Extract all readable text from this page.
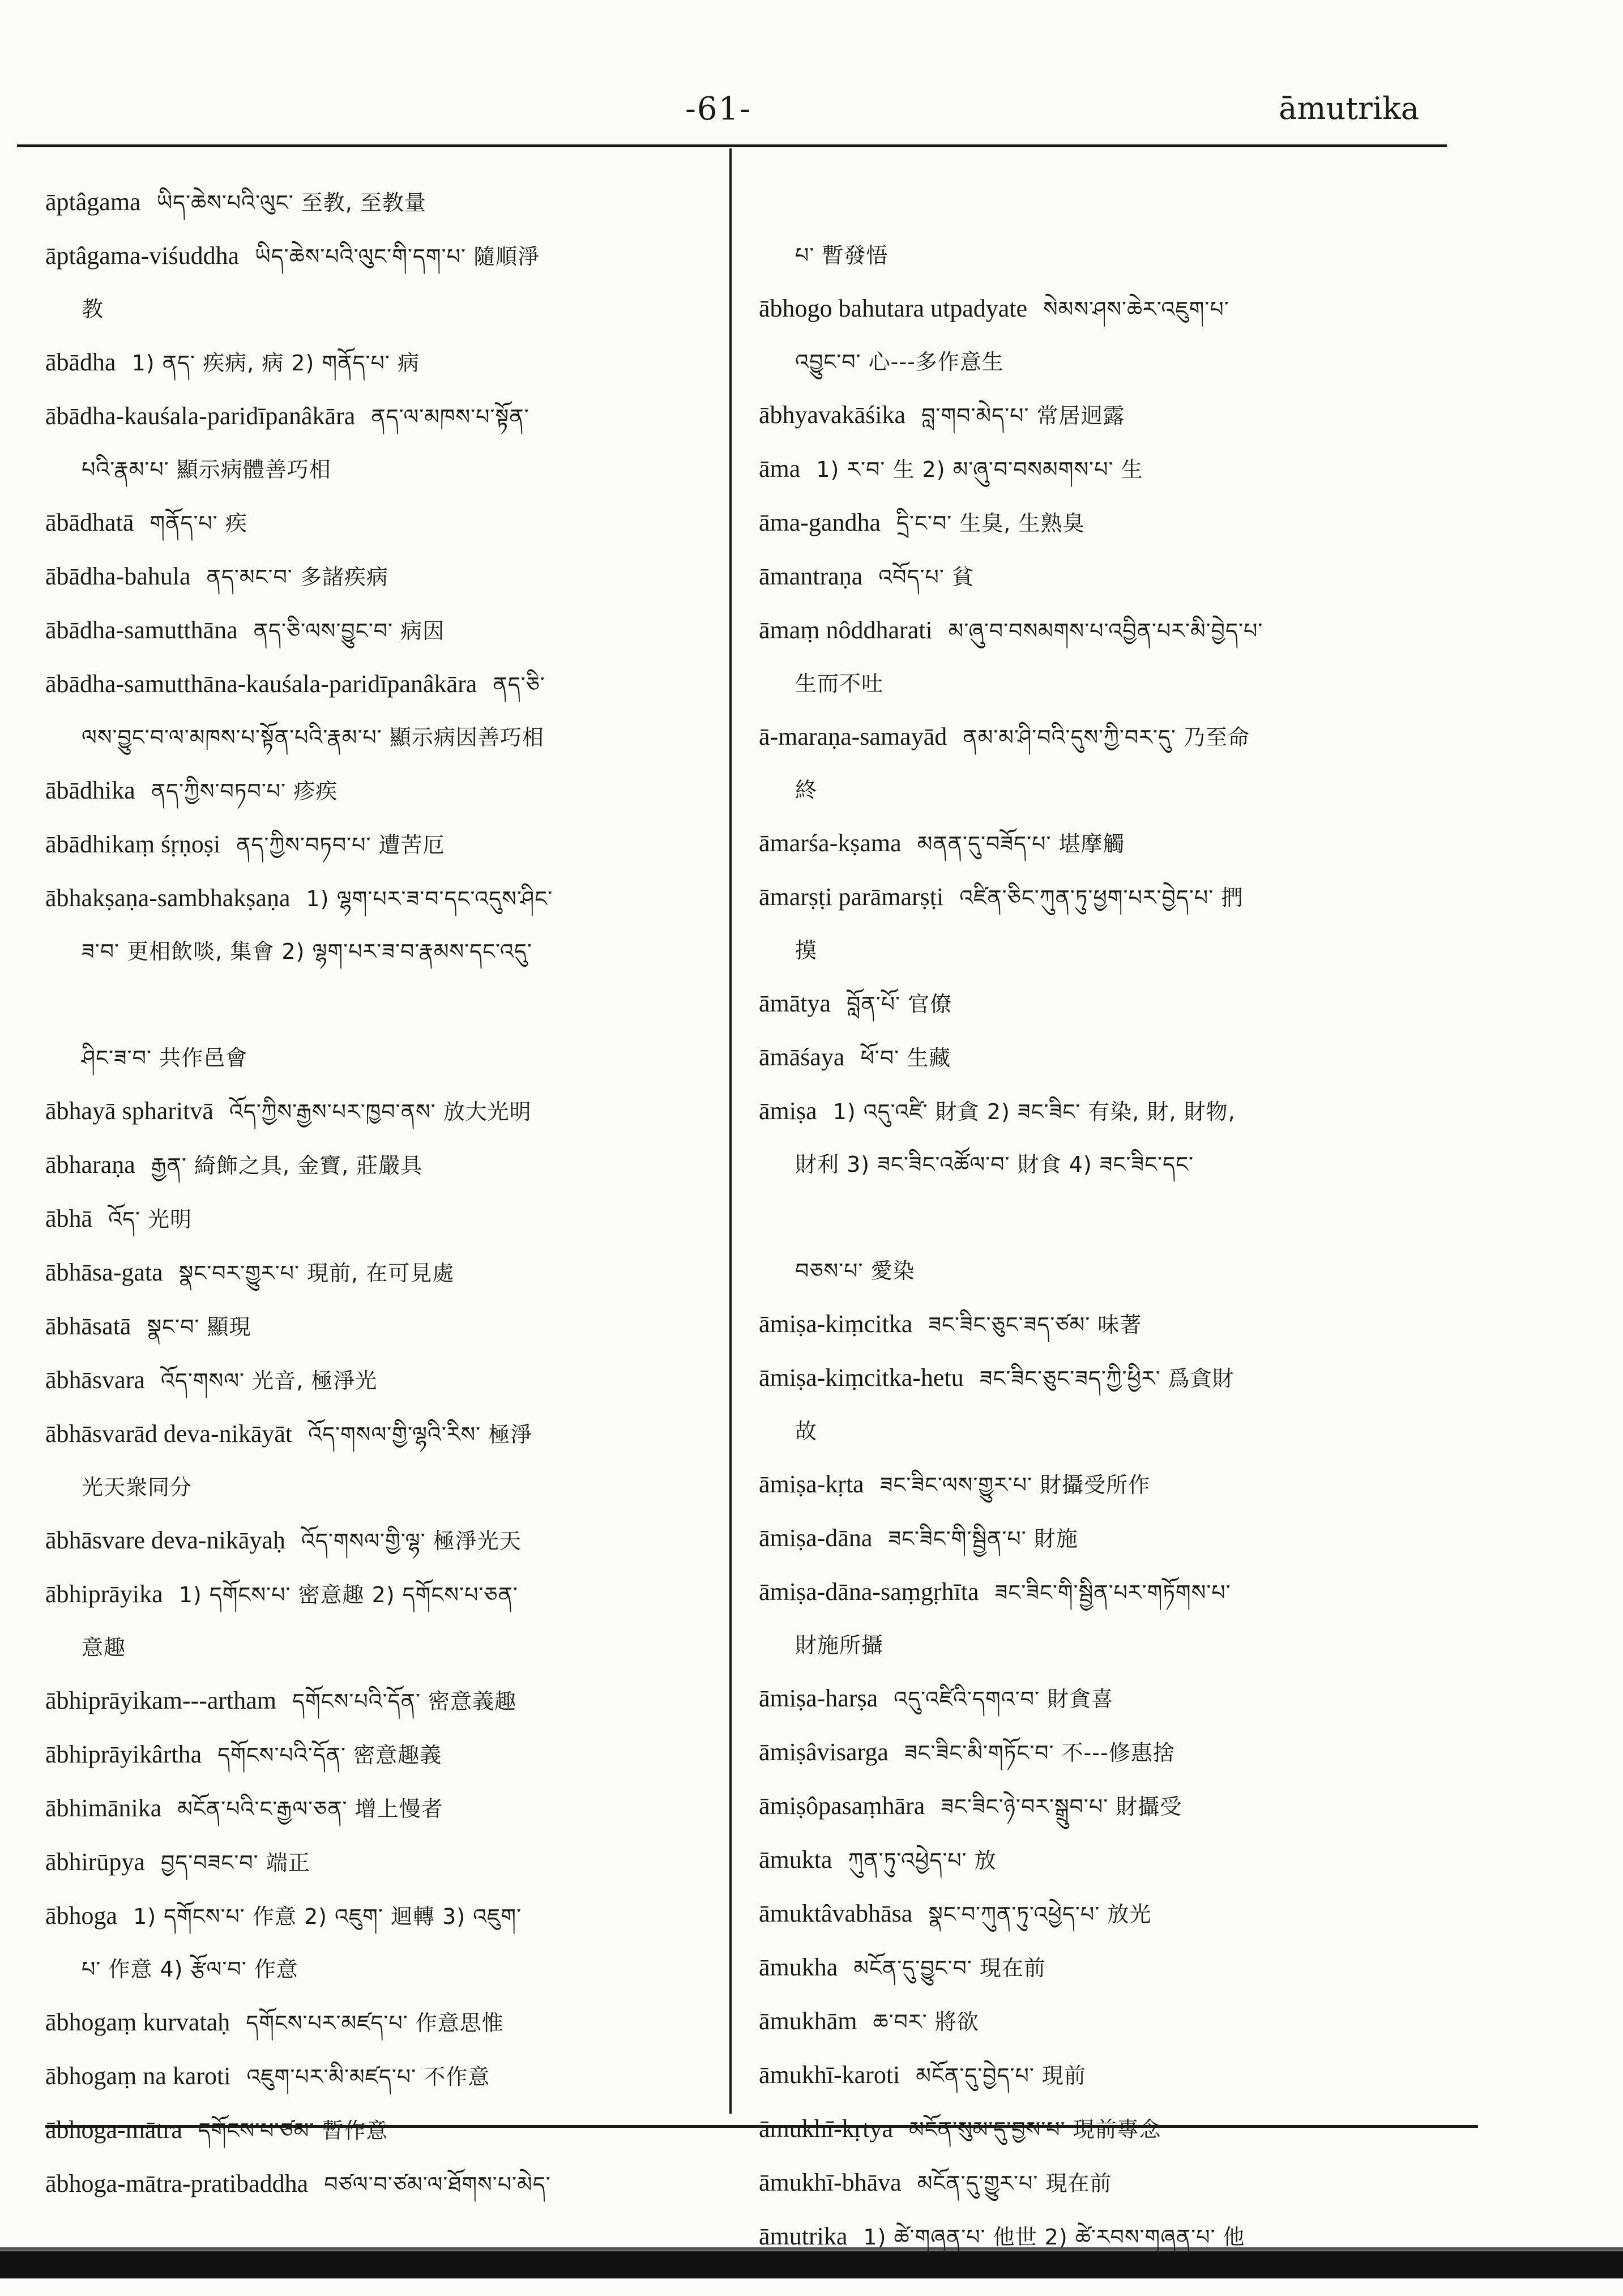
-61-	āmutrika
āptâgama ཡིད་ཆེས་པའི་ལུང་ 至教, 至教量
āptâgama-viśuddha ཡིད་ཆེས་པའི་ལུང་གི་དག་པ་ 隨順淨
教
ābādha 1) ནད་ 疾病, 病 2) གནོད་པ་ 病
ābādha-kauśala-paridīpanâkāra ནད་ལ་མཁས་པ་སྟོན་
པའི་རྣམ་པ་ 顯示病體善巧相
ābādhatā གནོད་པ་ 疾
ābādha-bahula ནད་མང་བ་ 多諸疾病
ābādha-samutthāna ནད་ཅི་ལས་བྱུང་བ་ 病因
ābādha-samutthāna-kauśala-paridīpanâkāra ནད་ཅི་
ལས་བྱུང་བ་ལ་མཁས་པ་སྟོན་པའི་རྣམ་པ་ 顯示病因善巧相
ābādhika ནད་ཀྱིས་བཏབ་པ་ 疹疾
ābādhikaṃ śṛṇoṣi ནད་ཀྱིས་བཏབ་པ་ 遭苦厄
ābhakṣaṇa-sambhakṣaṇa 1) ལྷག་པར་ཟ་བ་དང་འདུས་ཤིང་
ཟ་བ་ 更相飲啖, 集會 2) ལྷག་པར་ཟ་བ་རྣམས་དང་འདུ་
ཤིང་ཟ་བ་ 共作邑會
ābhayā spharitvā འོད་ཀྱིས་རྒྱས་པར་ཁྱབ་ནས་ 放大光明
ābharaṇa རྒྱན་ 綺飾之具, 金寶, 莊嚴具
ābhā འོད་ 光明
ābhāsa-gata སྣང་བར་གྱུར་པ་ 現前, 在可見處
ābhāsatā སྣང་བ་ 顯現
ābhāsvara འོད་གསལ་ 光音, 極淨光
ābhāsvarād deva-nikāyāt འོད་གསལ་གྱི་ལྷའི་རིས་ 極淨
光天衆同分
ābhāsvare deva-nikāyaḥ འོད་གསལ་གྱི་ལྷ་ 極淨光天
ābhiprāyika 1) དགོངས་པ་ 密意趣 2) དགོངས་པ་ཅན་
意趣
ābhiprāyikam---artham དགོངས་པའི་དོན་ 密意義趣
ābhiprāyikârtha དགོངས་པའི་དོན་ 密意趣義
ābhimānika མངོན་པའི་ང་རྒྱལ་ཅན་ 增上慢者
ābhirūpya བྱད་བཟང་བ་ 端正
ābhoga 1) དགོངས་པ་ 作意 2) འཇུག་ 迴轉 3) འཇུག་
པ་ 作意 4) རྩོལ་བ་ 作意
ābhogaṃ kurvataḥ དགོངས་པར་མཛད་པ་ 作意思惟
ābhogaṃ na karoti འཇུག་པར་མི་མཛད་པ་ 不作意
ābhoga-mātra དགོངས་པ་ཙམ་ 暫作意
ābhoga-mātra-pratibaddha བཙལ་བ་ཙམ་ལ་ཐོགས་པ་མེད་
པ་ 暫發悟
ābhogo bahutara utpadyate སེམས་ཤས་ཆེར་འཇུག་པ་
འབྱུང་བ་ 心---多作意生
ābhyavakāśika བླ་གབ་མེད་པ་ 常居迥露
āma 1) ར་བ་ 生 2) མ་ཞུ་བ་བསམགས་པ་ 生
āma-gandha དྲི་ང་བ་ 生臭, 生熟臭
āmantraṇa འབོད་པ་ 貧
āmaṃ nôddharati མ་ཞུ་བ་བསམགས་པ་འབྱིན་པར་མི་བྱེད་པ་
生而不吐
ā-maraṇa-samayād ནམ་མ་ཤི་བའི་དུས་ཀྱི་བར་དུ་ 乃至命
終
āmarśa-kṣama མནན་དུ་བཟོད་པ་ 堪摩觸
āmarṣṭi parāmarṣṭi འཛིན་ཅིང་ཀུན་ཏུ་ཕྱག་པར་བྱེད་པ་ 捫
摸
āmātya བློན་པོ་ 官僚
āmāśaya ཕོ་བ་ 生藏
āmiṣa 1) འདུ་འཛི་ 財貪 2) ཟང་ཟིང་ 有染, 財, 財物,
財利 3) ཟང་ཟིང་འཚོལ་བ་ 財食 4) ཟང་ཟིང་དང་
བཅས་པ་ 愛染
āmiṣa-kiṃcitka ཟང་ཟིང་ཅུང་ཟད་ཙམ་ 味著
āmiṣa-kiṃcitka-hetu ཟང་ཟིང་ཅུང་ཟད་ཀྱི་ཕྱིར་ 爲貪財
故
āmiṣa-kṛta ཟང་ཟིང་ལས་གྱུར་པ་ 財攝受所作
āmiṣa-dāna ཟང་ཟིང་གི་སྦྱིན་པ་ 財施
āmiṣa-dāna-saṃgṛhīta ཟང་ཟིང་གི་སྦྱིན་པར་གཏོགས་པ་
財施所攝
āmiṣa-harṣa འདུ་འཛིའི་དགའ་བ་ 財貪喜
āmiṣâvisarga ཟང་ཟིང་མི་གཏོང་བ་ 不---修惠捨
āmiṣôpasaṃhāra ཟང་ཟིང་ཉེ་བར་སྒྲུབ་པ་ 財攝受
āmukta ཀུན་ཏུ་འཕྱེད་པ་ 放
āmuktâvabhāsa སྣང་བ་ཀུན་ཏུ་འཕྱེད་པ་ 放光
āmukha མངོན་དུ་བྱུང་བ་ 現在前
āmukhām ཆ་བར་ 將欲
āmukhī-karoti མངོན་དུ་བྱེད་པ་ 現前
āmukhī-kṛtya མངོན་སུམ་དུ་བྱས་པ་ 現前專念
āmukhī-bhāva མངོན་དུ་གྱུར་པ་ 現在前
āmutrika 1) ཚེ་གཞན་པ་ 他世 2) ཚེ་རབས་གཞན་པ་ 他
